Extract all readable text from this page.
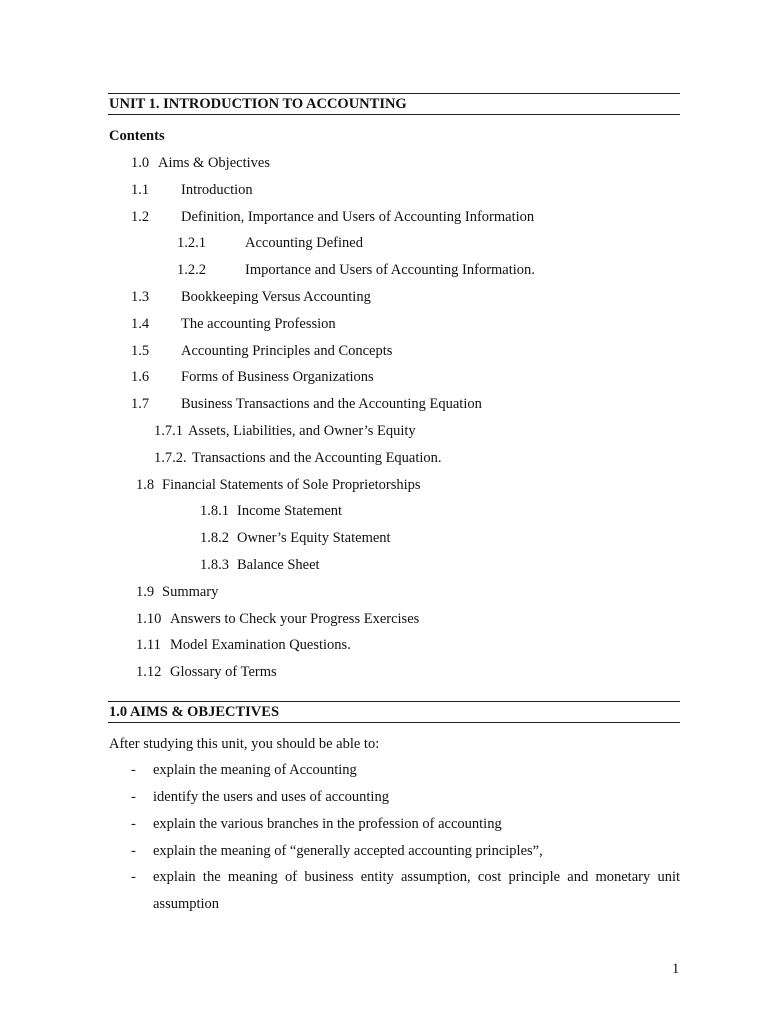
UNIT 1. INTRODUCTION TO ACCOUNTING
Contents
1.0 Aims & Objectives
1.1 Introduction
1.2 Definition, Importance and Users of Accounting Information
1.2.1	Accounting Defined
1.2.2	Importance and Users of Accounting Information.
1.3 Bookkeeping Versus Accounting
1.4 The accounting Profession
1.5 Accounting Principles and Concepts
1.6 Forms of Business Organizations
1.7 Business Transactions and the Accounting Equation
1.7.1 Assets, Liabilities, and Owner’s Equity
1.7.2. Transactions and the Accounting Equation.
1.8 Financial Statements of Sole Proprietorships
1.8.1 Income Statement
1.8.2 Owner’s Equity Statement
1.8.3 Balance Sheet
1.9 Summary
1.10 Answers to Check your Progress Exercises
1.11 Model Examination Questions.
1.12 Glossary of Terms
1.0 AIMS & OBJECTIVES
After studying this unit, you should be able to:
- explain the meaning of Accounting
- identify the users and uses of accounting
- explain the various branches in the profession of accounting
- explain the meaning of “generally accepted accounting principles”,
- explain the meaning of business entity assumption, cost principle and monetary unit
assumption
1
